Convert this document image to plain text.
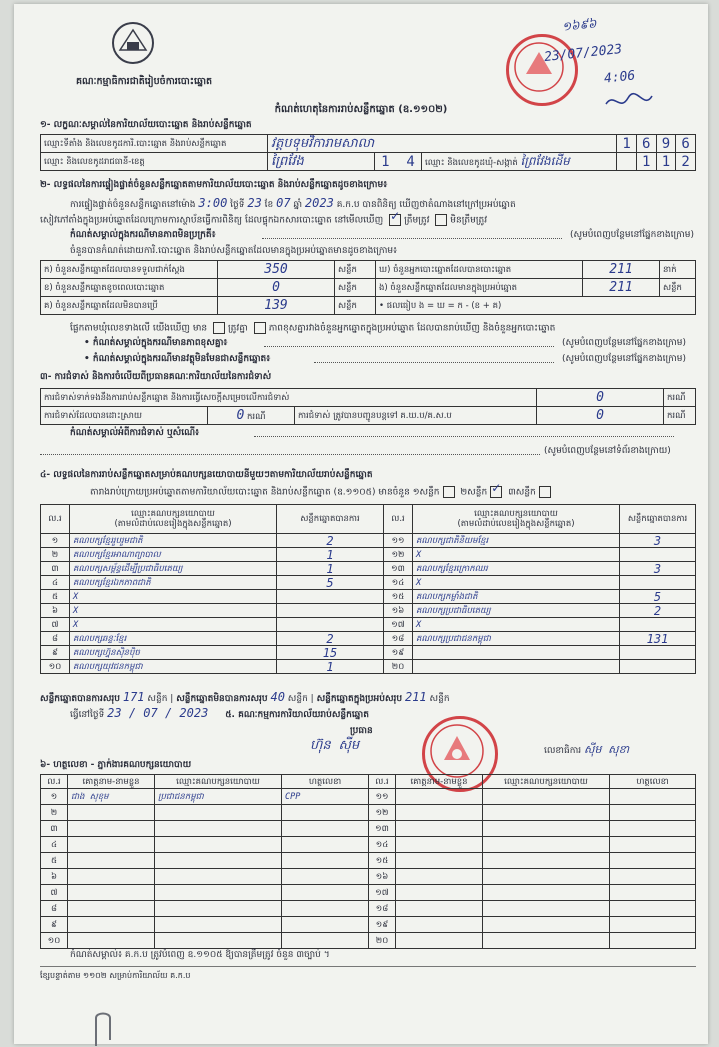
គណៈកម្មាធិការជាតិរៀបចំការបោះឆ្នោត
១៦៩៦
23/07/2023
4:06
កំណត់ហេតុនៃការរាប់សន្លឹកឆ្នោត (ឧ.១១០២)
១- លក្ខណៈសម្គាល់នៃការិយាល័យបោះឆ្នោត និងរាប់សន្លឹកឆ្នោត
ឈ្មោះទីតាំង និងលេខកូដការិ.បោះឆ្នោត និងរាប់សន្លឹកឆ្នោត	វត្តបទុមវិការាមសាលា			1	6	9	6
ឈ្មោះ និងលេខកូដរាជធានី-ខេត្ត	ព្រៃវែង	1 4	ឈ្មោះ និងលេខកូដឃុំ-សង្កាត់ ព្រៃវែងដើម		1	1	2
២- លទ្ធផលនៃការផ្ទៀងផ្ទាត់ចំនួនសន្លឹកឆ្នោតតាមការិយាល័យបោះឆ្នោត និងរាប់សន្លឹកឆ្នោតដូចខាងក្រោម៖
ការផ្ទៀងផ្ទាត់ចំនួនសន្លឹកឆ្នោតនៅម៉ោង 3:00 ថ្ងៃទី 23 ខែ 07 ឆ្នាំ 2023 គ.ក.ប បានពិនិត្យ ឃើញថាតំណាងនៅក្រៅប្រអប់ឆ្នោត
សៀវភៅតាំងក្នុងប្រអប់ឆ្នោតដែលក្រោមការស្ថាប័នធ្វើការពិនិត្យ ដែលផ្ទុកឯកសារបោះឆ្នោត នៅមើលឃើញ ✓ ត្រឹមត្រូវ មិនត្រឹមត្រូវ
កំណត់សម្គាល់ក្នុងករណីមានភាពមិនប្រក្រតី៖	(សូមបំពេញបន្ថែមនៅផ្នែកខាងក្រោម)
ចំនួនបានកំណត់ដោយការិ.បោះឆ្នោត និងរាប់សន្លឹកឆ្នោតដែលមានក្នុងប្រអប់ឆ្នោតមានដូចខាងក្រោម៖
ក) ចំនួនសន្លឹកឆ្នោតដែលបានទទួលជាក់ស្តែង	350	សន្លឹក	ឃ) ចំនួនអ្នកបោះឆ្នោតដែលបានបោះឆ្នោត	211	នាក់
ខ) ចំនួនសន្លឹកឆ្នោតខូចពេលបោះឆ្នោត	0	សន្លឹក	ង) ចំនួនសន្លឹកឆ្នោតដែលមានក្នុងប្រអប់ឆ្នោត	211	សន្លឹក
គ) ចំនួនសន្លឹកឆ្នោតដែលមិនបានប្រើ	139	សន្លឹក	• ផលធៀប ង = ឃ = ក - (ខ + គ)		
ផ្លែកតាមឃុំលេខទាងលើ យើងឃើញ មាន ត្រូវគ្នា ភាពខុសគ្នារវាងចំនួនអ្នកឆ្នោតក្នុងប្រអប់ឆ្នោត ដែលបានរាប់ឃើញ និងចំនួនអ្នកបោះឆ្នោត
• កំណត់សម្គាល់ក្នុងករណីមានភាពខុសគ្នា៖	(សូមបំពេញបន្ថែមនៅផ្នែកខាងក្រោម)
• កំណត់សម្គាល់ក្នុងករណីមានវត្ថុមិនមែនជាសន្លឹកឆ្នោត៖	(សូមបំពេញបន្ថែមនៅផ្នែកខាងក្រោម)
៣- ការជំទាស់ និងការចំលើយពីប្រធានគណៈការិយាល័យនៃការជំទាស់
ការជំទាស់ទាក់ទងនឹងការរាប់សន្លឹកឆ្នោត និងការធ្វើសេចក្តីសម្រេចលើការជំទាស់			0	ករណី
ការជំទាស់ដែលបានដោះស្រាយ	0 ករណី	ការជំទាស់ ត្រូវបានបញ្ជូនបន្តទៅ គ.ឃ.ប/គ.ស.ប	0	ករណី
កំណត់សម្គាល់អំពីការជំទាស់ ឬសំណើ៖
(សូមបំពេញបន្ថែមនៅទំព័រខាងក្រោយ)
៤- លទ្ធផលនៃការរាប់សន្លឹកឆ្នោតសម្រាប់គណបក្សនយោបាយនីមួយៗតាមការិយាល័យរាប់សន្លឹកឆ្នោត
តារាងរាប់ក្រោយប្រអប់ឆ្នោតតាមការិយាល័យបោះឆ្នោត និងរាប់សន្លឹកឆ្នោត (ឧ.១១០៥) មានចំនួន ១សន្លឹក ២សន្លឹក ✓ ៣សន្លឹក
ល.រ	ឈ្មោះគណបក្សនយោបាយ
(តាមលំដាប់លេខរៀងក្នុងសន្លឹកឆ្នោត)	សន្លឹកឆ្នោតបានការ	ល.រ	ឈ្មោះគណបក្សនយោបាយ
(តាមលំដាប់លេខរៀងក្នុងសន្លឹកឆ្នោត)	សន្លឹកឆ្នោតបានការ
១	គណបក្សខ្មែររួបរួមជាតិ	2	១១	គណបក្សជាតិនិយមខ្មែរ	3
២	គណបក្សខ្មែរអាណាព្យាបាល	1	១២	X	
៣	គណបក្សសម្ព័ន្ធដើម្បីប្រជាធិបតេយ្យ	1	១៣	គណបក្សខ្មែរក្រោកឈរ	3
៤	គណបក្សខ្មែរឯកភាពជាតិ	5	១៤	X	
៥	X		១៥	គណបក្សកម្លាំងជាតិ	5
៦	X		១៦	គណបក្សប្រជាធិបតេយ្យ	2
៧	X		១៧	X	
៨	គណបក្សឆន្ទៈខ្មែរ	2	១៨	គណបក្សប្រជាជនកម្ពុជា	131
៩	គណបក្សហ្វ៊ុនស៊ិនប៉ិច	15	១៩		
១០	គណបក្សយុវជនកម្ពុជា	1	២០		
សន្លឹកឆ្នោតបានការសរុប 171 សន្លឹក | សន្លឹកឆ្នោតមិនបានការសរុប 40 សន្លឹក | សន្លឹកឆ្នោតក្នុងប្រអប់សរុប 211 សន្លឹក
ធ្វើនៅថ្ងៃទី 23 / 07 / 2023 ៥. គណៈកម្មការការិយាល័យរាប់សន្លឹកឆ្នោត
ប្រធាន
ហ៊ុន ស៊ីម	លេខាធិការ ស៊ីម សុខា
៦- ហត្ថលេខា - ភ្នាក់ងារគណបក្សនយោបាយ
ល.រ	គោត្តនាម-នាមខ្លួន	ឈ្មោះគណបក្សនយោបាយ	ហត្ថលេខា	ល.រ	គោត្តនាម-នាមខ្លួន	ឈ្មោះគណបក្សនយោបាយ	ហត្ថលេខា
១	ជាង សុខុម	ប្រជាជនកម្ពុជា	CPP	១១			
២				១២			
៣				១៣			
៤				១៤			
៥				១៥			
៦				១៦			
៧				១៧			
៨				១៨			
៩				១៩			
១០				២០			
កំណត់សម្គាល់៖ គ.ក.ប ត្រូវបំពេញ ឧ.១១០៥ ឱ្យបានត្រឹមត្រូវ ចំនួន ៣ច្បាប់ ។
ខ្សែបន្ទាត់តាម ១១០២ សម្រាប់ការិយាល័យ គ.ក.ប
